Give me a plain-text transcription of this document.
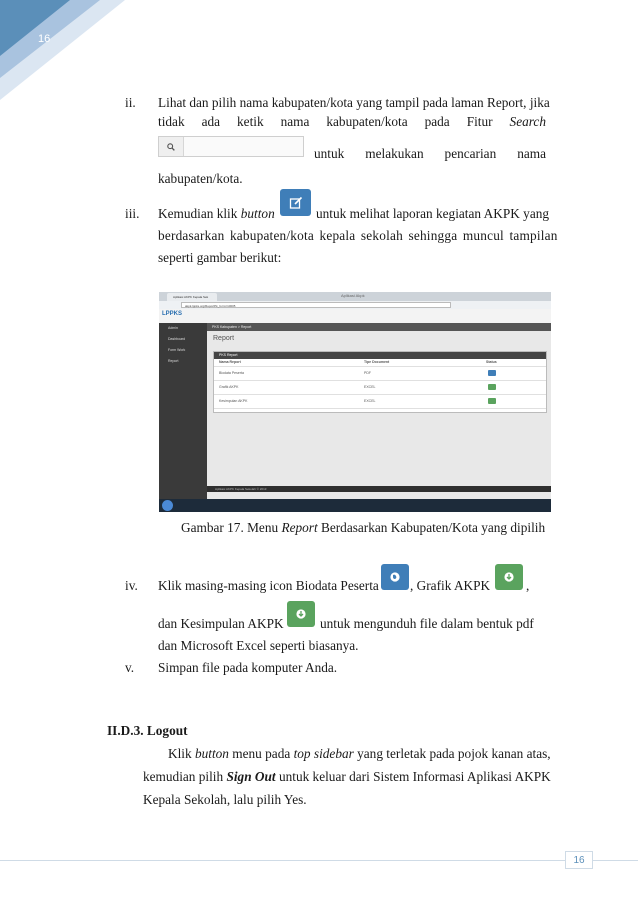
16
ii. Lihat dan pilih nama kabupaten/kota yang tampil pada laman Report, jika
tidak ada ketik nama kabupaten/kota pada Fitur Search
untuk melakukan pencarian nama
kabupaten/kota.
iii. Kemudian klik button	untuk melihat laporan kegiatan AKPK yang
berdasarkan kabupaten/kota kepala sekolah sehingga muncul tampilan
seperti gambar berikut:
Aplikasi AKPK Kepala Sek	Aplikasi Akpk
akpk.lppks.org/ReportPk_form=10005
LPPKS
Admin
Dashboard
Form Work
Report
PKS Kabupaten > Report
Report
PKS Report
Nama Report	Tipe Document	Status
Biodata Peserta	PDF
Grafik AKPK	EXCEL
Kesimpulan AKPK	EXCEL
Aplikasi AKPK Kepala Sekolah © 2013
Gambar 17. Menu Report Berdasarkan Kabupaten/Kota yang dipilih
iv. Klik masing-masing icon Biodata Peserta , Grafik AKPK	,
dan Kesimpulan AKPK	untuk mengunduh file dalam bentuk pdf
dan Microsoft Excel seperti biasanya.
v. Simpan file pada komputer Anda.
II.D.3. Logout
Klik button menu pada top sidebar yang terletak pada pojok kanan atas,
kemudian pilih Sign Out untuk keluar dari Sistem Informasi Aplikasi AKPK
Kepala Sekolah, lalu pilih Yes.
16
